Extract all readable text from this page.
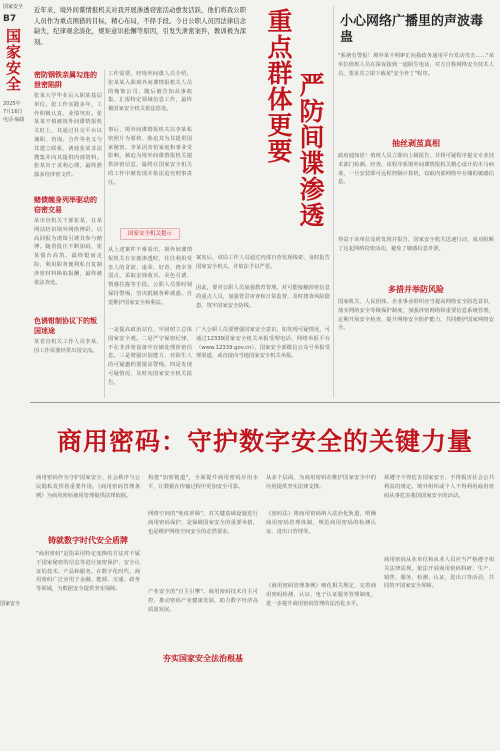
国家安全
B7
国家安全
2025年
7月16日
电话·编辑
近年来，境外间谍情报机关对我开展渗透窃密活动愈发活跃，他们将我公职人员作为重点围猎的目标，精心布局，不择手段。今日公职人员因法律信念缺失，纪律观念淡化，规矩意识松懈等原因，引发失泄密案件，教训极为深刻。
严防间谍渗透
重点群体更要
密防钢铁亲属勾连的泄密陷阱
张某大学毕业后入职某基层单位。张工作实践多年，工作积极认真，业绩突出。张某某不慎被境外间谍情报机关盯上，其通过社交平台以兼职、咨询、合作等名义与其建立联系，诱使张某非法搜集并向其提供内部资料。张某出于贪利心理，最终泄露多份涉密文件。
赌债缠身列举驱动的窃密交易
某市直机关干部崔某，在某网站结识境外网络博彩，以高回报为诱饵引诱其参与赌博。随着投注不断加码，崔某债台高筑，最终铤而走险，利用职务便利私自复制涉密材料换取报酬，最终被依法查处。
色诱钳制协议下的叛国迷途
某省直机关工作人员李某，因工作需要经常出国交流。
工作需要，经境外间谍人员介绍，张某某入职境外间谍情报机关人员的掩饰公司，随后被告知从事收集、汇报特定领域信息工作，最终被国家安全机关依法惩处。
事后，境外间谍情报机关以李某私密照片为要挟，胁迫其为其提供国家秘密。李某因害怕家庭和事业受影响，被迫为境外间谍情报机关提供涉密信息，最终在国家安全机关的工作中被发现并依法追究刑事责任。
国家安全机关提示
从上述案件不难看出，境外间谍情报机关在实施渗透时，往往利用受害人的贪欲、虚荣、好奇、侥幸等弱点，采取金钱收买、美色引诱、情感拉拢等手段。公职人员要时刻保持警惕，坚决抵制各种诱惑，自觉维护国家安全和利益。
一是提高政治站位，牢固树立总体国家安全观。二是严守保密纪律，不在非涉密设备中存储处理涉密信息。三是增强识别能力，对陌生人的可疑邀约要提高警惕。四是发现可疑情况，及时向国家安全机关报告。
案发后，该局工作人员通过内部自查发现线索，及时报告国家安全机关，并依法予以严惩。
因此，要对公职人员加强教育管理。对可能接触涉密信息的重点人员，加强背景审查和日常监督，及时排查风险隐患，筑牢国家安全防线。
广大公职人员要增强国家安全意识，如发现可疑情况，可通过12339国家安全机关举报受理电话、网络举报平台（www.12339.gov.cn）、国家安全部微信公众号举报受理渠道，或直接向当地国家安全机关举报。
小心网络广播里的声波毒蛊
"系统有警报！境外某不明IP正向我政务通用平台发动攻击……"某单位值班人员在深夜接到一通陌生电话，对方自称网络安全技术人员，要求其立即下载某"安全补丁"程序。
抽丝剥茧真相
政府通知语！值班人员立即向上级报告，并将可疑程序提交专业技术部门检测。经查，该程序系境外间谍情报机关精心设计的木马病毒，一旦安装即可远程控制计算机，窃取内部网络中存储的敏感信息。
得益于该单位及时发现并报告，国家安全机关迅速行动，成功阻断了这起网络窃密活动，避免了敏感信息外泄。
多措并举防风险
国家机关、人民团体、企业事业组织应当提高网络安全防范意识，落实网络安全等级保护制度，加强涉密网络和重要信息系统管理，定期开展安全检查，提升网络安全防护能力，共同维护国家网络安全。
国家安全
商用密码：守护数字安全的关键力量
商用密码作为守护国家安全、社会秩序与公民隐私发挥着重要作用。《商用密码管理条例》为商用密码使用管理提供法律依据。
铸就数字时代安全盾牌
"商用密码"是指采用特定变换的方法对不属于国家秘密的信息等进行加密保护、安全认证的技术、产品和服务。在数字化时代，商用密码广泛应用于金融、能源、交通、政务等领域，为数据安全提供坚实保障。
构建"加密链道"，全面提升商用密码应用水平，让数据在传输过程中更加安全可靠。
网络空间的"免疫屏障"，对关键基础设施进行商用密码保护，是保障国家安全的重要举措，也是维护网络空间安全的必然要求。
产业安全的"自主引擎"。商用密码技术自主可控，推动密码产业健康发展，助力数字经济高质量发展。
夯实国家安全法治根基
从多个层面，为商用密码在维护国家安全中的应用提供坚实法律支撑。
《密码法》将商用密码纳入法治化轨道，明确商用密码管理体制，规范商用密码的检测认证、进出口管理等。
《商用密码管理条例》细化相关规定，完善商用密码检测、认证、电子认证服务管理制度，进一步提升商用密码管理的法治化水平。
须遵守不得危害国家安全、不得损害社会公共利益的规定。境外组织或个人不得利用商用密码从事危害我国国家安全的活动。
商用密码从业单位和从业人员应当严格遵守相关法律法规，依法开展商用密码科研、生产、销售、服务、检测、认证、进出口等活动，共同筑牢国家安全屏障。
